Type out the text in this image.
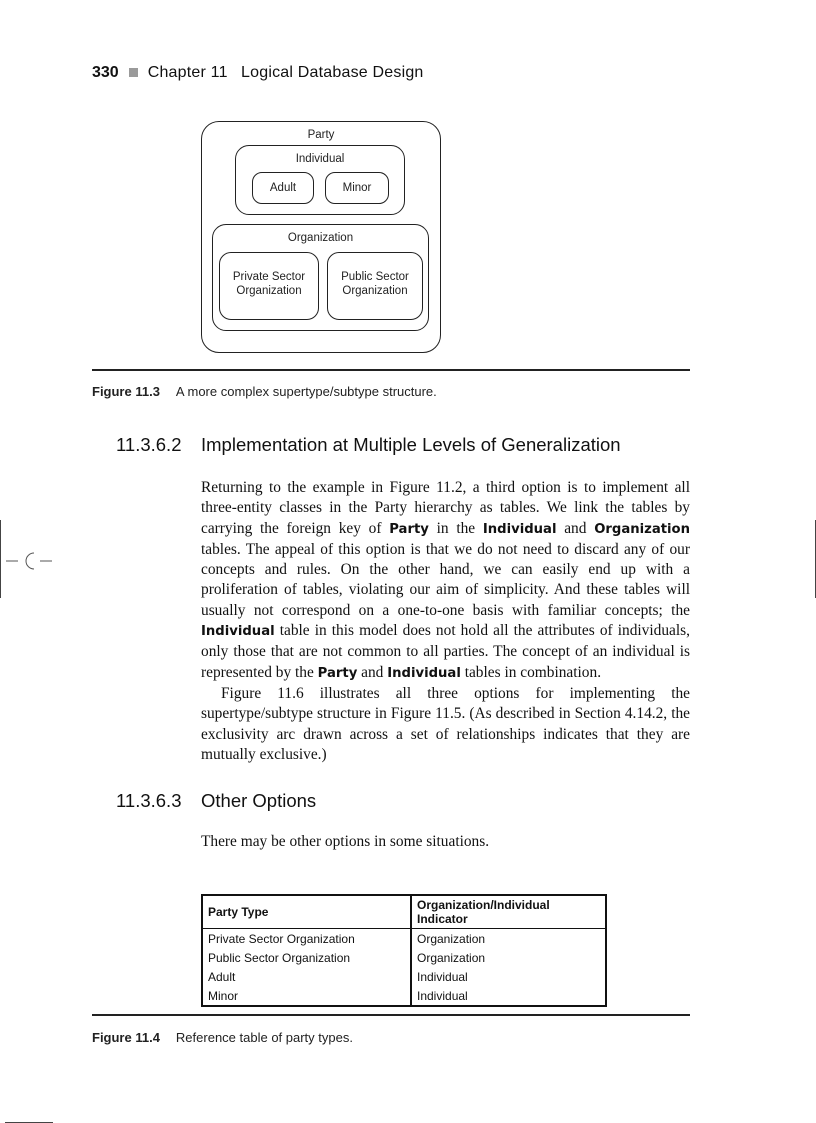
330 Chapter 11 Logical Database Design
Party
Individual
Adult	Minor
Organization
Private Sector
Organization
Public Sector
Organization
Figure 11.3 A more complex supertype/subtype structure.
11.3.6.2 Implementation at Multiple Levels of Generalization

Returning to the example in Figure 11.2, a third option is to implement all three-entity classes in the Party hierarchy as tables. We link the tables by carrying the foreign key of Party in the Individual and Organization tables. The appeal of this option is that we do not need to discard any of our concepts and rules. On the other hand, we can easily end up with a proliferation of tables, violating our aim of simplicity. And these tables will usually not correspond on a one-to-one basis with familiar concepts; the Individual table in this model does not hold all the attributes of individuals, only those that are not common to all parties. The concept of an individual is represented by the Party and Individual tables in combination.

Figure 11.6 illustrates all three options for implementing the supertype/subtype structure in Figure 11.5. (As described in Section 4.14.2, the exclusivity arc drawn across a set of relationships indicates that they are mutually exclusive.)

11.3.6.3 Other Options

There may be other options in some situations.

Party Type	Organization/Individual Indicator
Private Sector Organization	Organization
Public Sector Organization	Organization
Adult	Individual
Minor	Individual
Figure 11.4 Reference table of party types.
